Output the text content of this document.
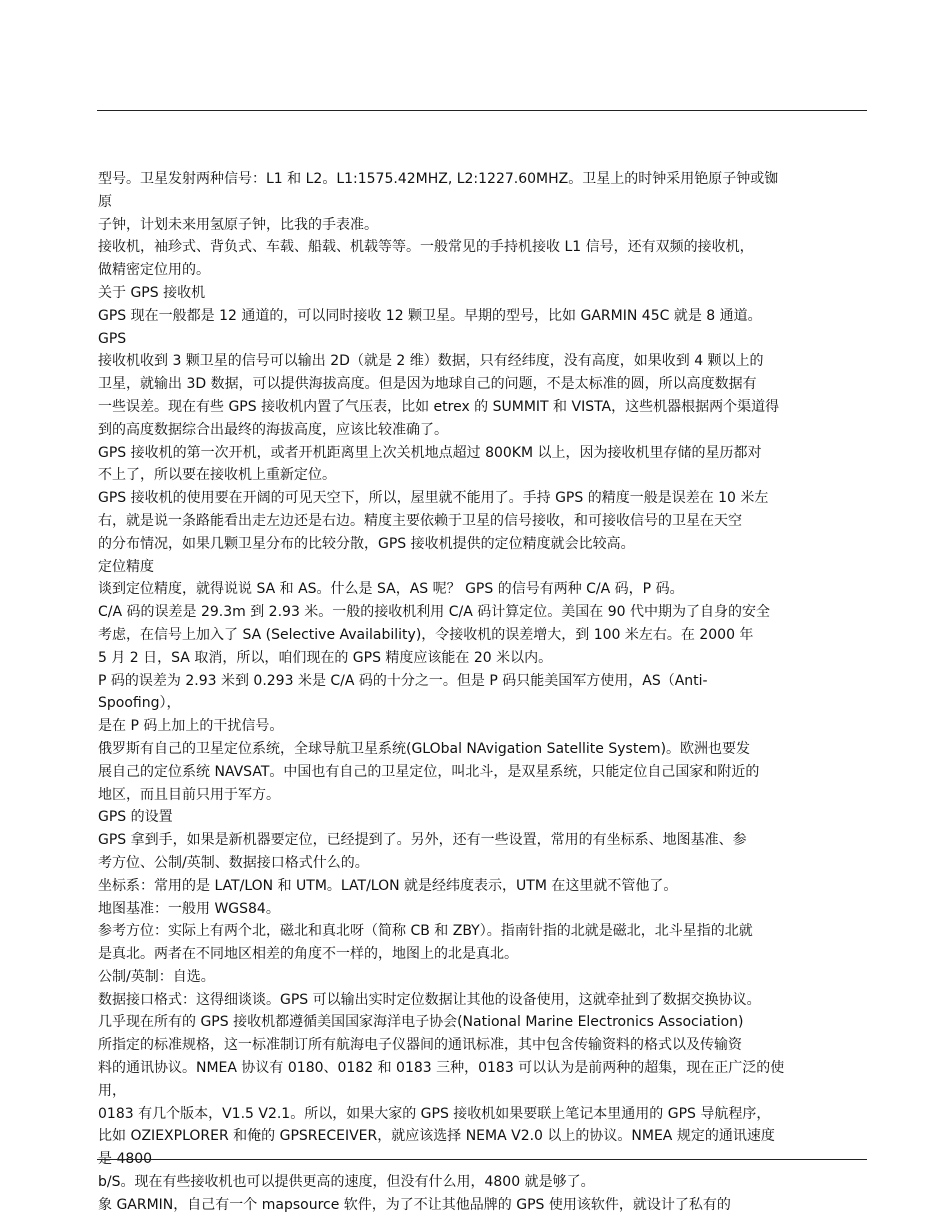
型号。卫星发射两种信号：L1 和 L2。L1:1575.42MHZ, L2:1227.60MHZ。卫星上的时钟采用铯原子钟或铷
原
子钟，计划未来用氢原子钟，比我的手表准。
接收机，袖珍式、背负式、车载、船载、机载等等。一般常见的手持机接收 L1 信号，还有双频的接收机，
做精密定位用的。
关于 GPS 接收机
GPS 现在一般都是 12 通道的，可以同时接收 12 颗卫星。早期的型号，比如 GARMIN 45C 就是 8 通道。
GPS
接收机收到 3 颗卫星的信号可以输出 2D（就是 2 维）数据，只有经纬度，没有高度，如果收到 4 颗以上的
卫星，就输出 3D 数据，可以提供海拔高度。但是因为地球自己的问题，不是太标准的圆，所以高度数据有
一些误差。现在有些 GPS 接收机内置了气压表，比如 etrex 的 SUMMIT 和 VISTA，这些机器根据两个渠道得
到的高度数据综合出最终的海拔高度，应该比较准确了。
GPS 接收机的第一次开机，或者开机距离里上次关机地点超过 800KM 以上，因为接收机里存储的星历都对
不上了，所以要在接收机上重新定位。
GPS 接收机的使用要在开阔的可见天空下，所以，屋里就不能用了。手持 GPS 的精度一般是误差在 10 米左
右，就是说一条路能看出走左边还是右边。精度主要依赖于卫星的信号接收，和可接收信号的卫星在天空
的分布情况，如果几颗卫星分布的比较分散，GPS 接收机提供的定位精度就会比较高。
定位精度
谈到定位精度，就得说说 SA 和 AS。什么是 SA，AS 呢？ GPS 的信号有两种 C/A 码，P 码。
C/A 码的误差是 29.3m 到 2.93 米。一般的接收机利用 C/A 码计算定位。美国在 90 代中期为了自身的安全
考虑，在信号上加入了 SA (Selective Availability)，令接收机的误差增大，到 100 米左右。在 2000 年
5 月 2 日，SA 取消，所以，咱们现在的 GPS 精度应该能在 20 米以内。
P 码的误差为 2.93 米到 0.293 米是 C/A 码的十分之一。但是 P 码只能美国军方使用，AS（Anti-
Spoofing），
是在 P 码上加上的干扰信号。
俄罗斯有自己的卫星定位系统，全球导航卫星系统(GLObal NAvigation Satellite System)。欧洲也要发
展自己的定位系统 NAVSAT。中国也有自己的卫星定位，叫北斗，是双星系统，只能定位自己国家和附近的
地区，而且目前只用于军方。
GPS 的设置
GPS 拿到手，如果是新机器要定位，已经提到了。另外，还有一些设置，常用的有坐标系、地图基准、参
考方位、公制/英制、数据接口格式什么的。
坐标系：常用的是 LAT/LON 和 UTM。LAT/LON 就是经纬度表示，UTM 在这里就不管他了。
地图基准：一般用 WGS84。
参考方位：实际上有两个北，磁北和真北呀（简称 CB 和 ZBY）。指南针指的北就是磁北，北斗星指的北就
是真北。两者在不同地区相差的角度不一样的，地图上的北是真北。
公制/英制：自选。
数据接口格式：这得细谈谈。GPS 可以输出实时定位数据让其他的设备使用，这就牵扯到了数据交换协议。
几乎现在所有的 GPS 接收机都遵循美国国家海洋电子协会(National Marine Electronics Association)
所指定的标准规格，这一标准制订所有航海电子仪器间的通讯标准，其中包含传输资料的格式以及传输资
料的通讯协议。NMEA 协议有 0180、0182 和 0183 三种，0183 可以认为是前两种的超集，现在正广泛的使
用，
0183 有几个版本，V1.5 V2.1。所以，如果大家的 GPS 接收机如果要联上笔记本里通用的 GPS 导航程序，
比如 OZIEXPLORER 和俺的 GPSRECEIVER，就应该选择 NEMA V2.0 以上的协议。NMEA 规定的通讯速度
是 4800
b/S。现在有些接收机也可以提供更高的速度，但没有什么用，4800 就是够了。
象 GARMIN，自己有一个 mapsource 软件，为了不让其他品牌的 GPS 使用该软件，就设计了私有的
